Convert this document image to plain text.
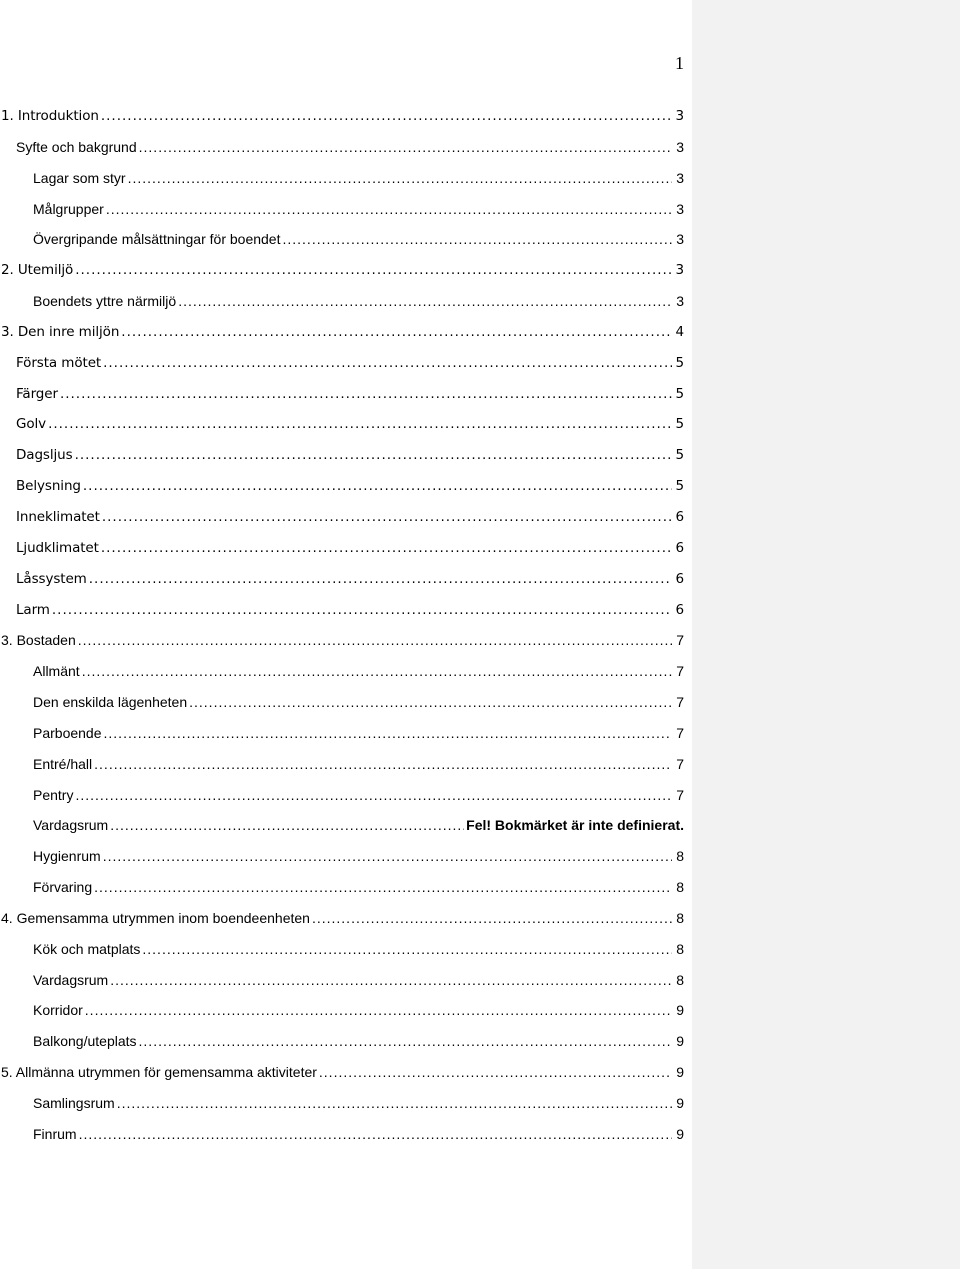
1
1. Introduktion .....	3
Syfte och bakgrund .....	3
Lagar som styr .....	3
Målgrupper .....	3
Övergripande målsättningar för boendet .....	3
2. Utemiljö .....	3
Boendets yttre närmiljö .....	3
3. Den inre miljön .....	4
Första mötet .....	5
Färger .....	5
Golv .....	5
Dagsljus .....	5
Belysning .....	5
Inneklimatet .....	6
Ljudklimatet .....	6
Låssystem .....	6
Larm .....	6
3. Bostaden .....	7
Allmänt .....	7
Den enskilda lägenheten .....	7
Parboende .....	7
Entré/hall .....	7
Pentry .....	7
Vardagsrum .....	Fel! Bokmärket är inte definierat.
Hygienrum .....	8
Förvaring .....	8
4. Gemensamma utrymmen inom boendeenheten .....	8
Kök och matplats .....	8
Vardagsrum .....	8
Korridor .....	9
Balkong/uteplats .....	9
5. Allmänna utrymmen för gemensamma aktiviteter .....	9
Samlingsrum .....	9
Finrum .....	9
